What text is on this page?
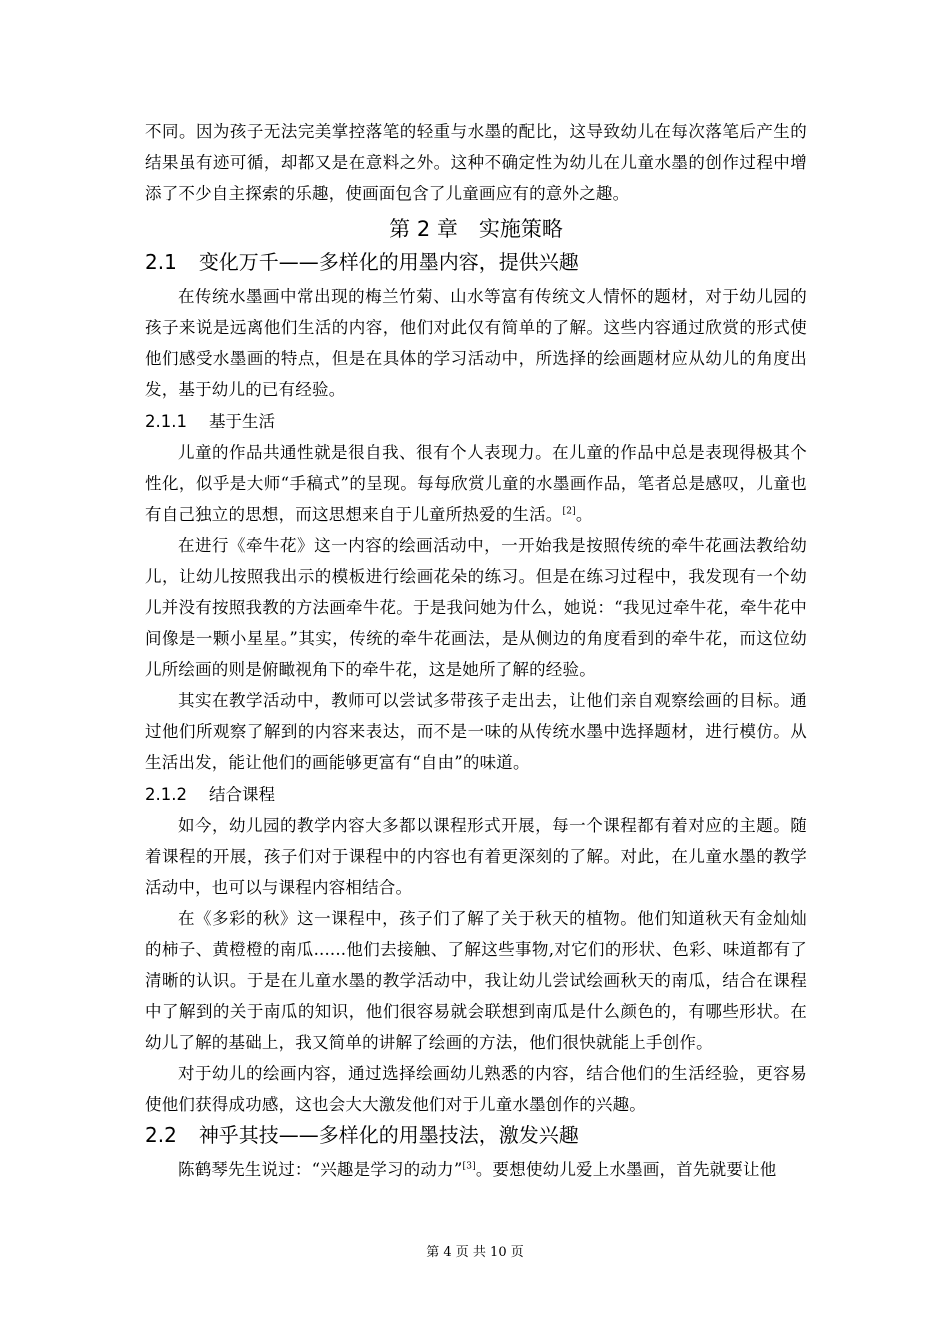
不同。因为孩子无法完美掌控落笔的轻重与水墨的配比，这导致幼儿在每次落笔后产生的结果虽有迹可循，却都又是在意料之外。这种不确定性为幼儿在儿童水墨的创作过程中增添了不少自主探索的乐趣，使画面包含了儿童画应有的意外之趣。

第 2 章　实施策略
2.1 变化万千——多样化的用墨内容，提供兴趣

在传统水墨画中常出现的梅兰竹菊、山水等富有传统文人情怀的题材，对于幼儿园的孩子来说是远离他们生活的内容，他们对此仅有简单的了解。这些内容通过欣赏的形式使他们感受水墨画的特点，但是在具体的学习活动中，所选择的绘画题材应从幼儿的角度出发，基于幼儿的已有经验。

2.1.1 基于生活

儿童的作品共通性就是很自我、很有个人表现力。在儿童的作品中总是表现得极其个性化，似乎是大师“手稿式”的呈现。每每欣赏儿童的水墨画作品，笔者总是感叹，儿童也有自己独立的思想，而这思想来自于儿童所热爱的生活。[2]。

在进行《牵牛花》这一内容的绘画活动中，一开始我是按照传统的牵牛花画法教给幼儿，让幼儿按照我出示的模板进行绘画花朵的练习。但是在练习过程中，我发现有一个幼儿并没有按照我教的方法画牵牛花。于是我问她为什么，她说：“我见过牵牛花，牵牛花中间像是一颗小星星。”其实，传统的牵牛花画法，是从侧边的角度看到的牵牛花，而这位幼儿所绘画的则是俯瞰视角下的牵牛花，这是她所了解的经验。

其实在教学活动中，教师可以尝试多带孩子走出去，让他们亲自观察绘画的目标。通过他们所观察了解到的内容来表达，而不是一味的从传统水墨中选择题材，进行模仿。从生活出发，能让他们的画能够更富有“自由”的味道。

2.1.2 结合课程

如今，幼儿园的教学内容大多都以课程形式开展，每一个课程都有着对应的主题。随着课程的开展，孩子们对于课程中的内容也有着更深刻的了解。对此，在儿童水墨的教学活动中，也可以与课程内容相结合。

在《多彩的秋》这一课程中，孩子们了解了关于秋天的植物。他们知道秋天有金灿灿的柿子、黄橙橙的南瓜......他们去接触、了解这些事物,对它们的形状、色彩、味道都有了清晰的认识。于是在儿童水墨的教学活动中，我让幼儿尝试绘画秋天的南瓜，结合在课程中了解到的关于南瓜的知识，他们很容易就会联想到南瓜是什么颜色的，有哪些形状。在幼儿了解的基础上，我又简单的讲解了绘画的方法，他们很快就能上手创作。

对于幼儿的绘画内容，通过选择绘画幼儿熟悉的内容，结合他们的生活经验，更容易使他们获得成功感，这也会大大激发他们对于儿童水墨创作的兴趣。

2.2 神乎其技——多样化的用墨技法，激发兴趣

陈鹤琴先生说过：“兴趣是学习的动力”[3]。要想使幼儿爱上水墨画，首先就要让他

第 4 页 共 10 页
